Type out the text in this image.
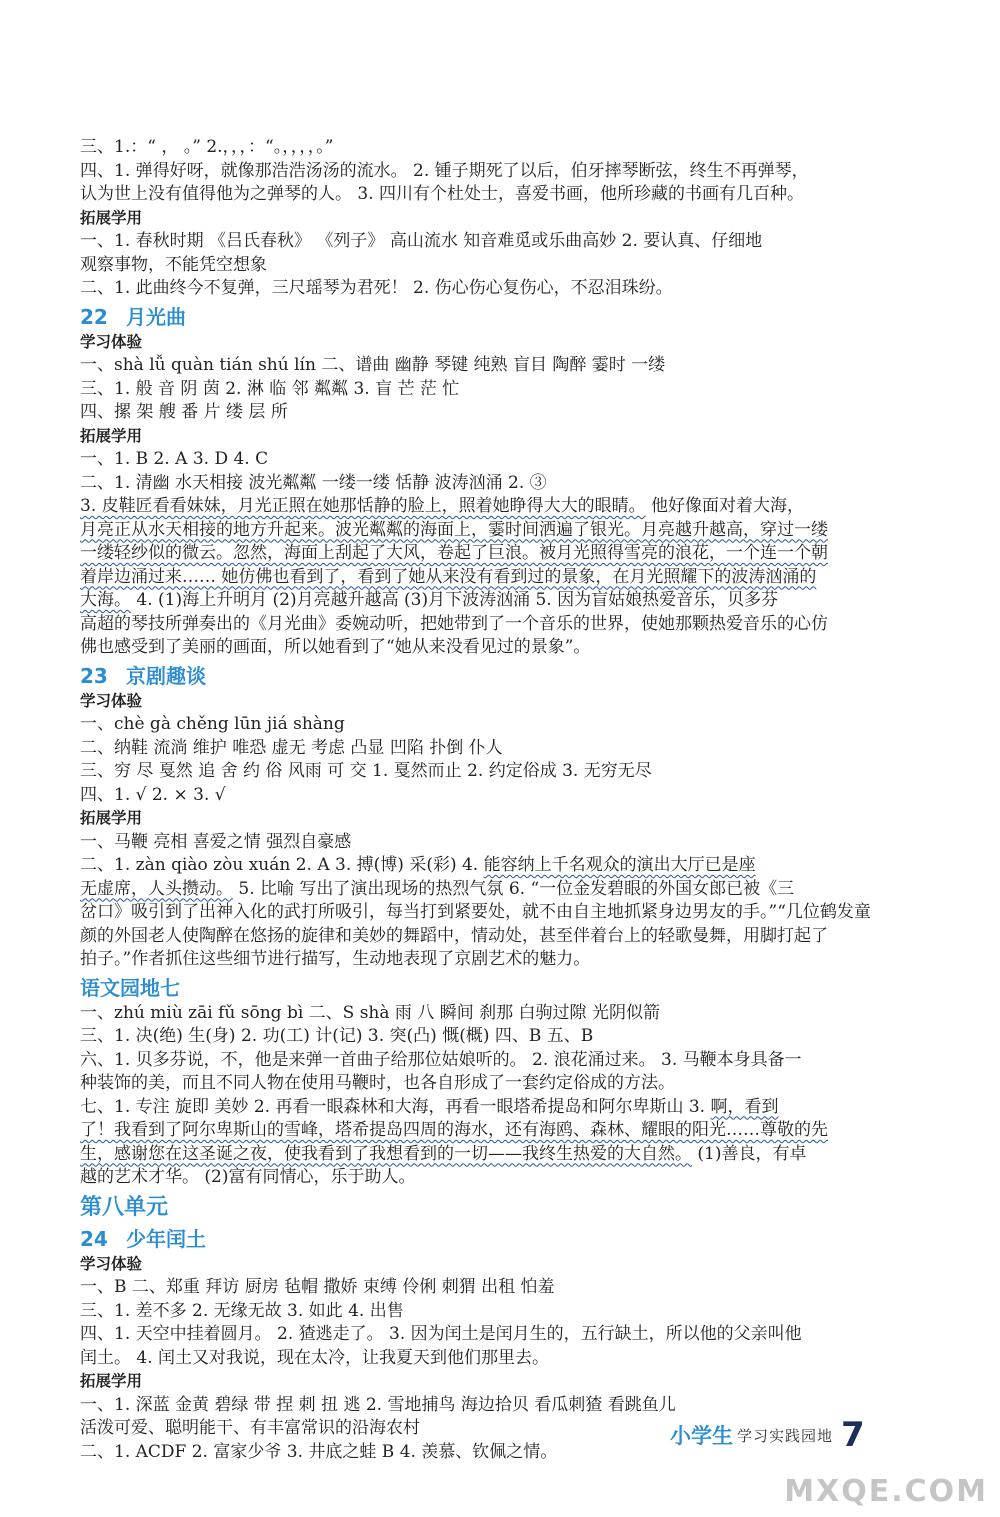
三、1.：“ ， 。” 2.，，，：“。，，，，。”

四、1. 弹得好呀，就像那浩浩汤汤的流水。 2. 锺子期死了以后，伯牙摔琴断弦，终生不再弹琴，

认为世上没有值得他为之弹琴的人。 3. 四川有个杜处士，喜爱书画，他所珍藏的书画有几百种。

拓展学用

一、1. 春秋时期 《吕氏春秋》 《列子》 高山流水 知音难觅或乐曲高妙 2. 要认真、仔细地

观察事物，不能凭空想象

二、1. 此曲终今不复弹，三尺瑶琴为君死！ 2. 伤心伤心复伤心，不忍泪珠纷。

22 月光曲

学习体验

一、shà lǚ quàn tián shú lín 二、谱曲 幽静 琴键 纯熟 盲目 陶醉 霎时 一缕

三、1. 般 音 阴 茵 2. 淋 临 邻 粼粼 3. 盲 芒 茫 忙

四、摞 架 艘 番 片 缕 层 所

拓展学用

一、1. B 2. A 3. D 4. C

二、1. 清幽 水天相接 波光粼粼 一缕一缕 恬静 波涛汹涌 2. ③

3. 皮鞋匠看看妹妹，月光正照在她那恬静的脸上，照着她睁得大大的眼睛。 他好像面对着大海，

月亮正从水天相接的地方升起来。波光粼粼的海面上，霎时间洒遍了银光。月亮越升越高，穿过一缕

一缕轻纱似的微云。忽然，海面上刮起了大风，卷起了巨浪。被月光照得雪亮的浪花，一个连一个朝

着岸边涌过来…… 她仿佛也看到了，看到了她从来没有看到过的景象，在月光照耀下的波涛汹涌的

大海。 4. (1)海上升明月 (2)月亮越升越高 (3)月下波涛汹涌 5. 因为盲姑娘热爱音乐，贝多芬

高超的琴技所弹奏出的《月光曲》委婉动听，把她带到了一个音乐的世界，使她那颗热爱音乐的心仿

佛也感受到了美丽的画面，所以她看到了“她从来没看见过的景象”。

23 京剧趣谈

学习体验

一、chè gà chěng lūn jiá shàng

二、纳鞋 流淌 维护 唯恐 虚无 考虑 凸显 凹陷 扑倒 仆人

三、穷 尽 戛然 追 舍 约 俗 风雨 可 交 1. 戛然而止 2. 约定俗成 3. 无穷无尽

四、1. √ 2. × 3. √

拓展学用

一、马鞭 亮相 喜爱之情 强烈自豪感

二、1. zàn qiào zòu xuán 2. A 3. 搏(博) 采(彩) 4. 能容纳上千名观众的演出大厅已是座

无虚席，人头攒动。 5. 比喻 写出了演出现场的热烈气氛 6. “一位金发碧眼的外国女郎已被《三

岔口》吸引到了出神入化的武打所吸引，每当打到紧要处，就不由自主地抓紧身边男友的手。”“几位鹤发童

颜的外国老人使陶醉在悠扬的旋律和美妙的舞蹈中，情动处，甚至伴着台上的轻歌曼舞，用脚打起了

拍子。”作者抓住这些细节进行描写，生动地表现了京剧艺术的魅力。

语文园地七

一、zhú miù zāi fǔ sōng bì 二、S shà 雨 八 瞬间 刹那 白驹过隙 光阴似箭

三、1. 决(绝) 生(身) 2. 功(工) 计(记) 3. 突(凸) 慨(概) 四、B 五、B

六、1. 贝多芬说，不，他是来弹一首曲子给那位姑娘听的。 2. 浪花涌过来。 3. 马鞭本身具备一

种装饰的美，而且不同人物在使用马鞭时，也各自形成了一套约定俗成的方法。

七、1. 专注 旋即 美妙 2. 再看一眼森林和大海，再看一眼塔希提岛和阿尔卑斯山 3. 啊，看到

了！我看到了阿尔卑斯山的雪峰，塔希提岛四周的海水，还有海鸥、森林、耀眼的阳光……尊敬的先

生，感谢您在这圣诞之夜，使我看到了我想看到的一切——我终生热爱的大自然。 (1)善良，有卓

越的艺术才华。 (2)富有同情心，乐于助人。

第八单元

24 少年闰土

学习体验

一、B 二、郑重 拜访 厨房 毡帽 撒娇 束缚 伶俐 刺猬 出租 怕羞

三、1. 差不多 2. 无缘无故 3. 如此 4. 出售

四、1. 天空中挂着圆月。 2. 猹逃走了。 3. 因为闰土是闰月生的，五行缺土，所以他的父亲叫他

闰土。 4. 闰土又对我说，现在太冷，让我夏天到他们那里去。

拓展学用

一、1. 深蓝 金黄 碧绿 带 捏 刺 扭 逃 2. 雪地捕鸟 海边拾贝 看瓜刺猹 看跳鱼儿

活泼可爱、聪明能干、有丰富常识的沿海农村

二、1. ACDF 2. 富家少爷 3. 井底之蛙 B 4. 羡慕、钦佩之情。

小学生 学习实践园地 7
MXQE.COM
